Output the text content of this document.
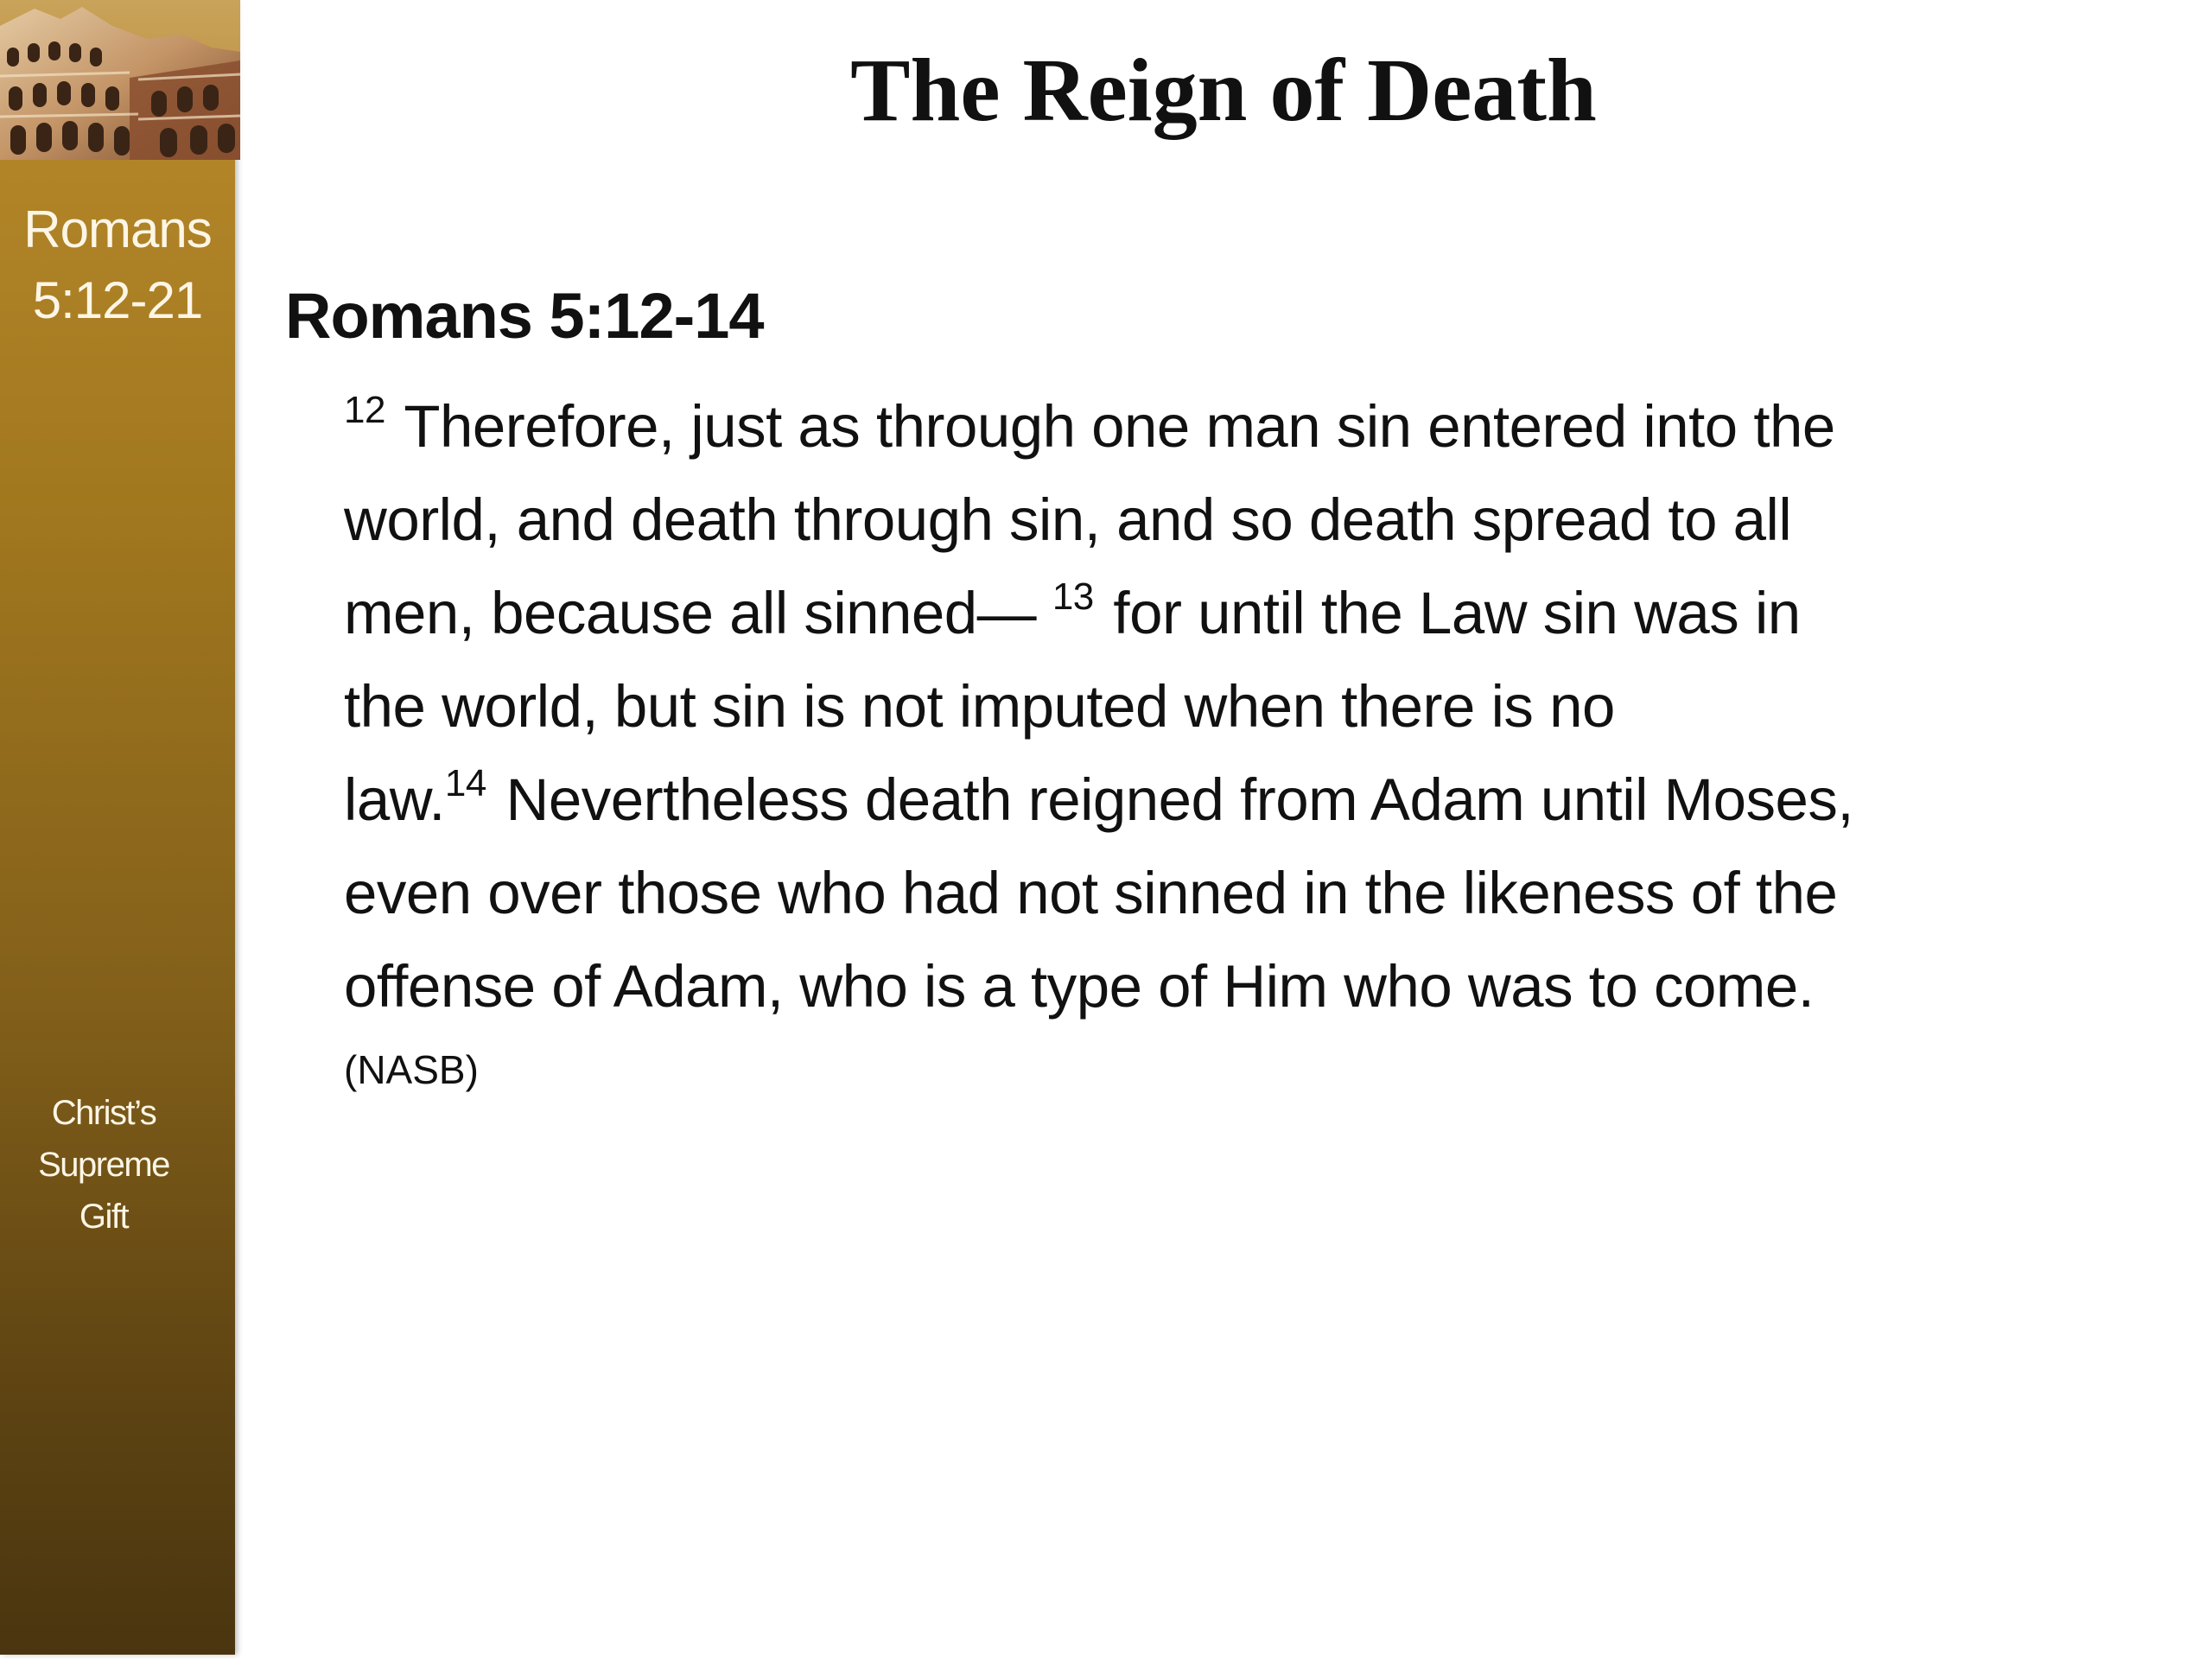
Romans
5:12-21
Christ’s
Supreme
Gift
The Reign of Death
Romans 5:12-14
$^{12}$ Therefore, just as through one man sin entered into the
world, and death through sin, and so death spread to all
men, because all sinned— $^{13}$ for until the Law sin was in
the world, but sin is not imputed when there is no
law.$^{14}$ Nevertheless death reigned from Adam until Moses,
even over those who had not sinned in the likeness of the
offense of Adam, who is a type of Him who was to come.
(NASB)
